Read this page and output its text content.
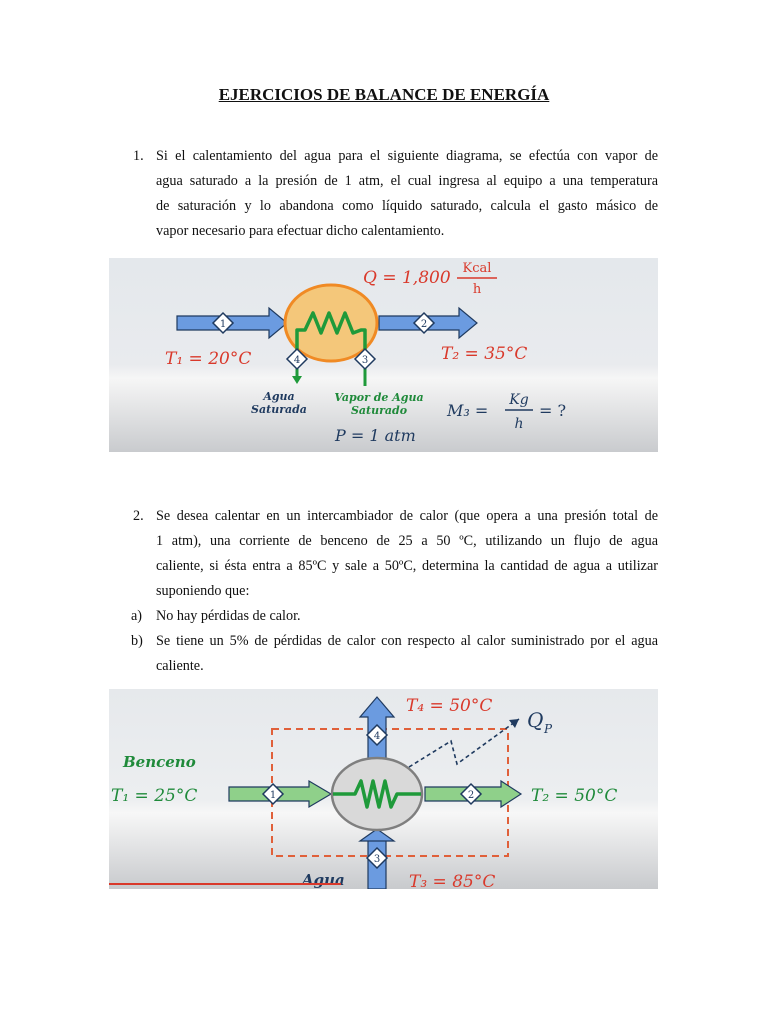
EJERCICIOS DE BALANCE DE ENERGÍA
1. Si el calentamiento del agua para el siguiente diagrama, se efectúa con vapor de
agua saturado a la presión de 1 atm, el cual ingresa al equipo a una temperatura
de saturación y lo abandona como líquido saturado, calcula el gasto másico de
vapor necesario para efectuar dicho calentamiento.
1	2
4	3
Q = 1,800 Kcal
h
T₁ = 20°C	T₂ = 35°C
Agua
Saturada
Vapor de Agua
Saturado M₃ =
Kg
h
= ?
P = 1 atm
2. Se desea calentar en un intercambiador de calor (que opera a una presión total de
1 atm), una corriente de benceno de 25 a 50 ºC, utilizando un flujo de agua
caliente, si ésta entra a 85ºC y sale a 50ºC, determina la cantidad de agua a utilizar
suponiendo que:
a) No hay pérdidas de calor.
b) Se tiene un 5% de pérdidas de calor con respecto al calor suministrado por el agua
caliente.
1	2
4
3
T₄ = 50°C
Q P
Benceno
T₁ = 25°C	T₂ = 50°C
Agua	T₃ = 85°C
